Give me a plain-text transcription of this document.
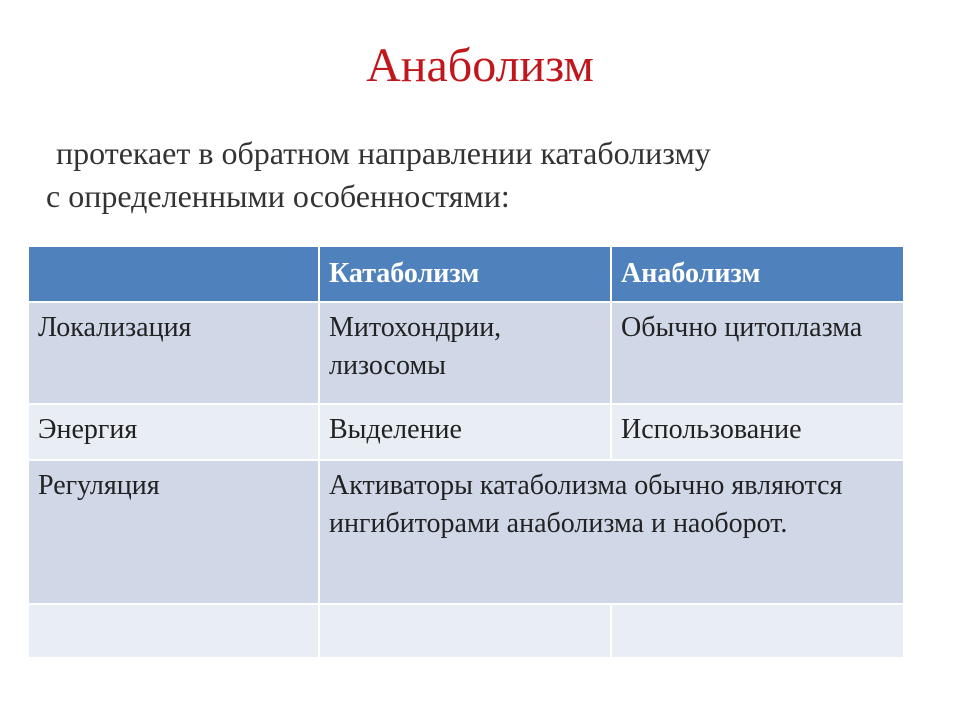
Анаболизм
протекает в обратном направлении катаболизму
с определенными особенностями:
	Катаболизм	Анаболизм
Локализация	Митохондрии, лизосомы	Обычно цитоплазма
Энергия	Выделение	Использование
Регуляция	Активаторы катаболизма обычно являются ингибиторами анаболизма и наоборот.	
